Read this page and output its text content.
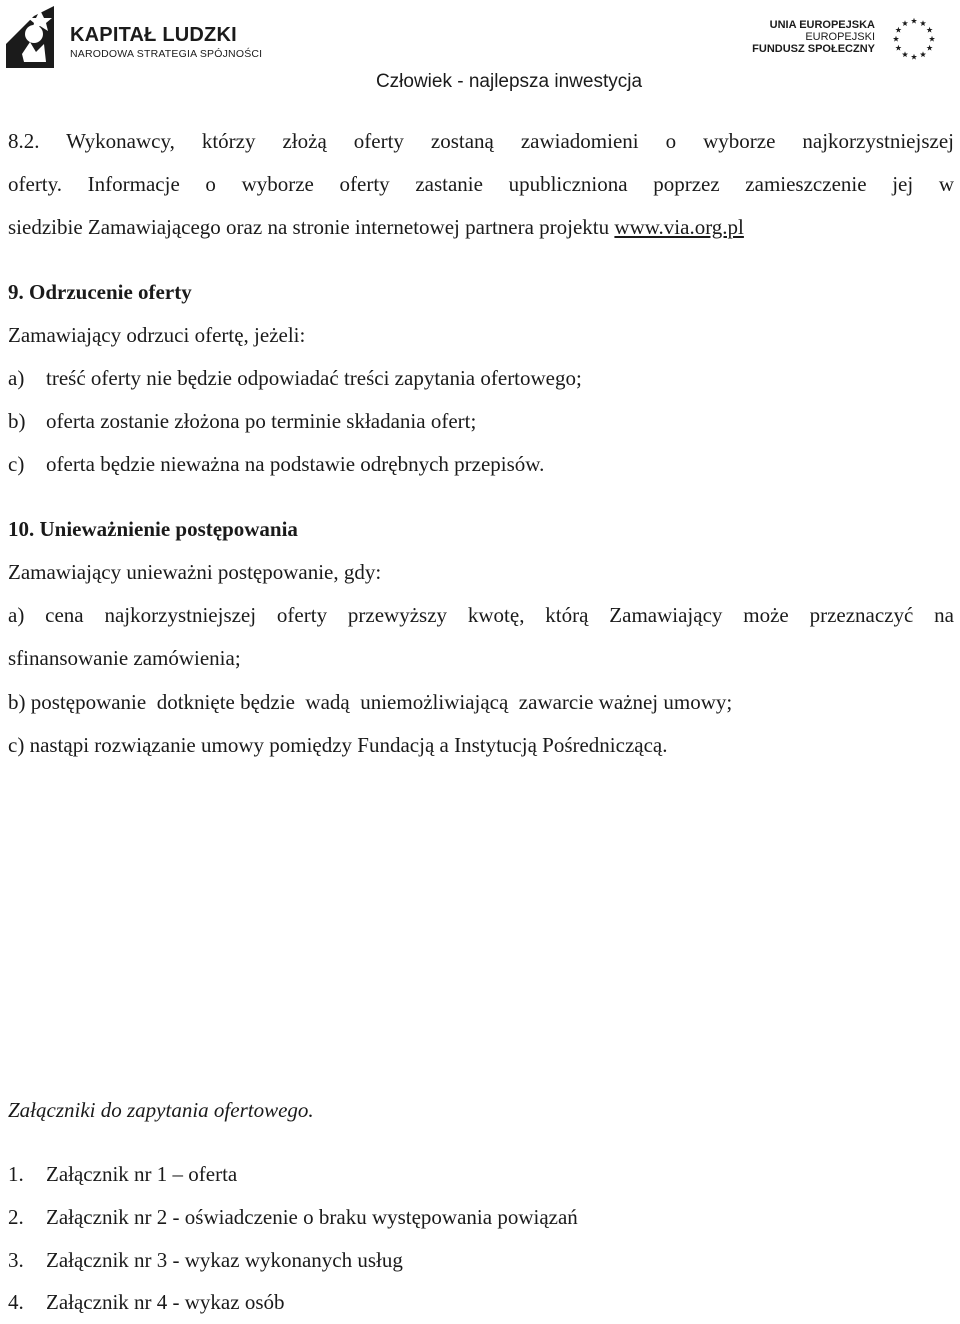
KAPITAŁ LUDZKI
NARODOWA STRATEGIA SPÓJNOŚCI
UNIA EUROPEJSKA
EUROPEJSKI
FUNDUSZ SPOŁECZNY
Człowiek - najlepsza inwestycja
8.2. Wykonawcy, którzy złożą oferty zostaną zawiadomieni o wyborze najkorzystniejszej
oferty. Informacje o wyborze oferty zastanie upubliczniona poprzez zamieszczenie jej w
siedzibie Zamawiającego oraz na stronie internetowej partnera projektu www.via.org.pl
9. Odrzucenie oferty
Zamawiający odrzuci ofertę, jeżeli:
a) treść oferty nie będzie odpowiadać treści zapytania ofertowego;
b) oferta zostanie złożona po terminie składania ofert;
c) oferta będzie nieważna na podstawie odrębnych przepisów.
10. Unieważnienie postępowania
Zamawiający unieważni postępowanie, gdy:
a) cena najkorzystniejszej oferty przewyższy kwotę, którą Zamawiający może przeznaczyć na
sfinansowanie zamówienia;
b) postępowanie  dotknięte będzie  wadą  uniemożliwiającą  zawarcie ważnej umowy;
c) nastąpi rozwiązanie umowy pomiędzy Fundacją a Instytucją Pośredniczącą.
Załączniki do zapytania ofertowego.
1. Załącznik nr 1 – oferta
2. Załącznik nr 2 - oświadczenie o braku występowania powiązań
3. Załącznik nr 3 - wykaz wykonanych usług
4. Załącznik nr 4 - wykaz osób
